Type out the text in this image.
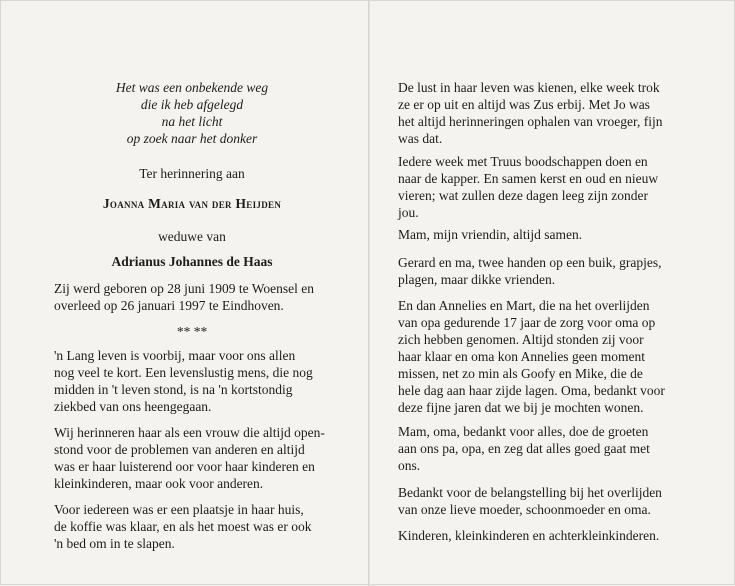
Het was een onbekende weg
die ik heb afgelegd
na het licht
op zoek naar het donker
Ter herinnering aan
Joanna Maria van der Heijden
weduwe van
Adrianus Johannes de Haas
Zij werd geboren op 28 juni 1909 te Woensel en
overleed op 26 januari 1997 te Eindhoven.
** **
'n Lang leven is voorbij, maar voor ons allen
nog veel te kort. Een levenslustig mens, die nog
midden in 't leven stond, is na 'n kortstondig
ziekbed van ons heengegaan.
Wij herinneren haar als een vrouw die altijd open-
stond voor de problemen van anderen en altijd
was er haar luisterend oor voor haar kinderen en
kleinkinderen, maar ook voor anderen.
Voor iedereen was er een plaatsje in haar huis,
de koffie was klaar, en als het moest was er ook
'n bed om in te slapen.
De lust in haar leven was kienen, elke week trok
ze er op uit en altijd was Zus erbij. Met Jo was
het altijd herinneringen ophalen van vroeger, fijn
was dat.
Iedere week met Truus boodschappen doen en
naar de kapper. En samen kerst en oud en nieuw
vieren; wat zullen deze dagen leeg zijn zonder
jou.
Mam, mijn vriendin, altijd samen.
Gerard en ma, twee handen op een buik, grapjes,
plagen, maar dikke vrienden.
En dan Annelies en Mart, die na het overlijden
van opa gedurende 17 jaar de zorg voor oma op
zich hebben genomen. Altijd stonden zij voor
haar klaar en oma kon Annelies geen moment
missen, net zo min als Goofy en Mike, die de
hele dag aan haar zijde lagen. Oma, bedankt voor
deze fijne jaren dat we bij je mochten wonen.
Mam, oma, bedankt voor alles, doe de groeten
aan ons pa, opa, en zeg dat alles goed gaat met
ons.
Bedankt voor de belangstelling bij het overlijden
van onze lieve moeder, schoonmoeder en oma.
Kinderen, kleinkinderen en achterkleinkinderen.
